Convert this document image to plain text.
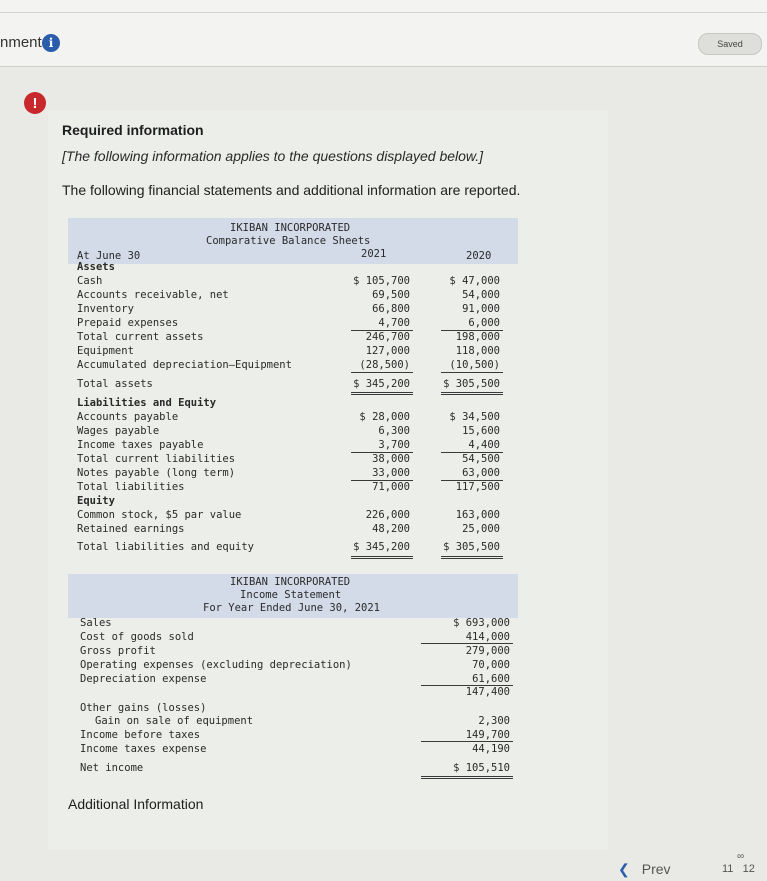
nment i	Saved
!
Required information
[The following information applies to the questions displayed below.]
The following financial statements and additional information are reported.
IKIBAN INCORPORATED
Comparative Balance Sheets
At June 30	2021	2020
Assets
Cash	$ 105,700	$ 47,000
Accounts receivable, net	69,500	54,000
Inventory	66,800	91,000
Prepaid expenses	4,700	6,000
Total current assets	246,700	198,000
Equipment	127,000	118,000
Accumulated depreciation—Equipment	(28,500)	(10,500)
Total assets	$ 345,200	$ 305,500
Liabilities and Equity
Accounts payable	$ 28,000	$ 34,500
Wages payable	6,300	15,600
Income taxes payable	3,700	4,400
Total current liabilities	38,000	54,500
Notes payable (long term)	33,000	63,000
Total liabilities	71,000	117,500
Equity
Common stock, $5 par value	226,000	163,000
Retained earnings	48,200	25,000
Total liabilities and equity	$ 345,200	$ 305,500
IKIBAN INCORPORATED
Income Statement
For Year Ended June 30, 2021
Sales	$ 693,000
Cost of goods sold	414,000
Gross profit	279,000
Operating expenses (excluding depreciation)	70,000
Depreciation expense	61,600
147,400
Other gains (losses)
Gain on sale of equipment	2,300
Income before taxes	149,700
Income taxes expense	44,190
Net income	$ 105,510
Additional Information
❮ Prev
∞
11 12
